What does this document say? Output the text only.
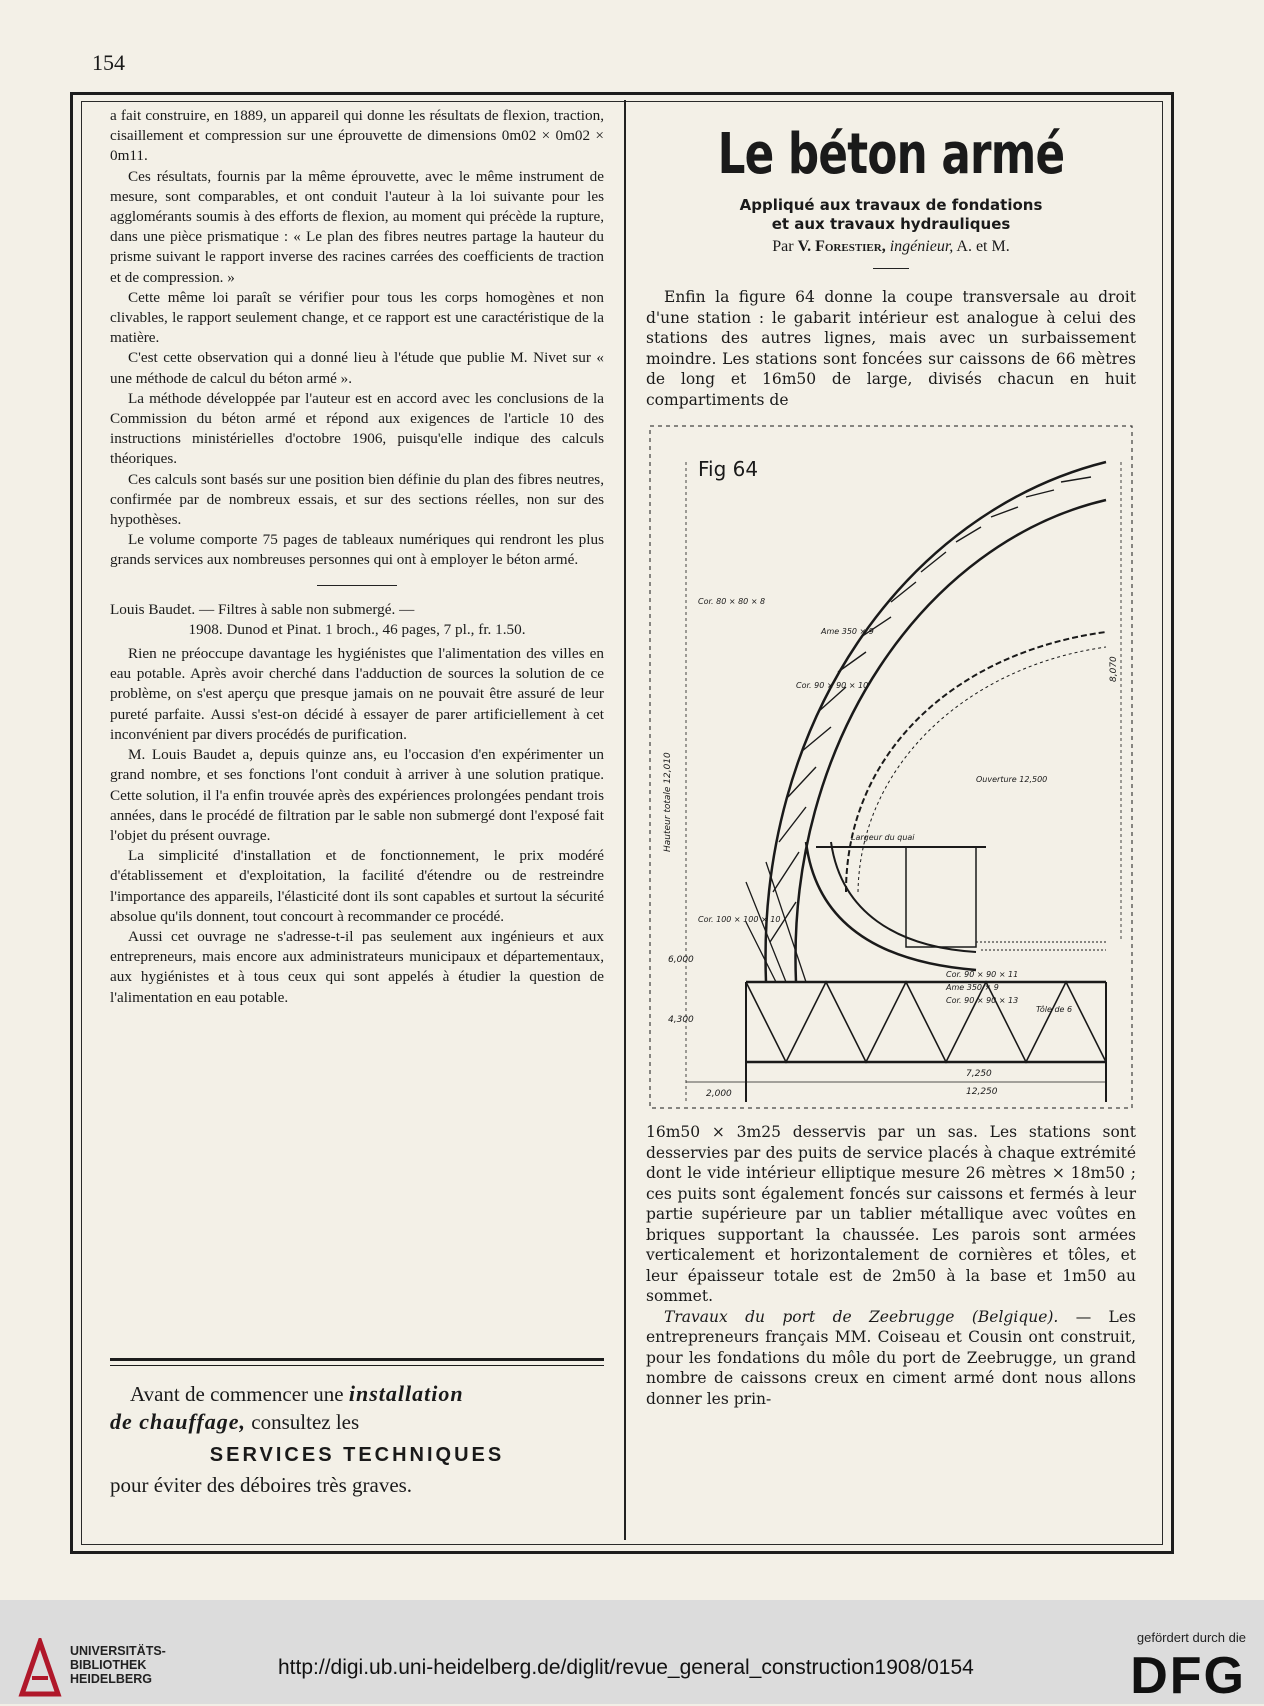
154

a fait construire, en 1889, un appareil qui donne les résultats de flexion, traction, cisaillement et compression sur une éprouvette de dimensions 0m02 × 0m02 × 0m11.

Ces résultats, fournis par la même éprouvette, avec le même instrument de mesure, sont comparables, et ont conduit l'auteur à la loi suivante pour les agglomérants soumis à des efforts de flexion, au moment qui précède la rupture, dans une pièce prismatique : « Le plan des fibres neutres partage la hauteur du prisme suivant le rapport inverse des racines carrées des coefficients de traction et de compression. »

Cette même loi paraît se vérifier pour tous les corps homogènes et non clivables, le rapport seulement change, et ce rapport est une caractéristique de la matière.

C'est cette observation qui a donné lieu à l'étude que publie M. Nivet sur « une méthode de calcul du béton armé ».

La méthode développée par l'auteur est en accord avec les conclusions de la Commission du béton armé et répond aux exigences de l'article 10 des instructions ministérielles d'octobre 1906, puisqu'elle indique des calculs théoriques.

Ces calculs sont basés sur une position bien définie du plan des fibres neutres, confirmée par de nombreux essais, et sur des sections réelles, non sur des hypothèses.

Le volume comporte 75 pages de tableaux numériques qui rendront les plus grands services aux nombreuses personnes qui ont à employer le béton armé.

Louis Baudet. — Filtres à sable non submergé. —

1908. Dunod et Pinat. 1 broch., 46 pages, 7 pl., fr. 1.50.

Rien ne préoccupe davantage les hygiénistes que l'alimentation des villes en eau potable. Après avoir cherché dans l'adduction de sources la solution de ce problème, on s'est aperçu que presque jamais on ne pouvait être assuré de leur pureté parfaite. Aussi s'est-on décidé à essayer de parer artificiellement à cet inconvénient par divers procédés de purification.

M. Louis Baudet a, depuis quinze ans, eu l'occasion d'en expérimenter un grand nombre, et ses fonctions l'ont conduit à arriver à une solution pratique. Cette solution, il l'a enfin trouvée après des expériences prolongées pendant trois années, dans le procédé de filtration par le sable non submergé dont l'exposé fait l'objet du présent ouvrage.

La simplicité d'installation et de fonctionnement, le prix modéré d'établissement et d'exploitation, la facilité d'étendre ou de restreindre l'importance des appareils, l'élasticité dont ils sont capables et surtout la sécurité absolue qu'ils donnent, tout concourt à recommander ce procédé.

Aussi cet ouvrage ne s'adresse-t-il pas seulement aux ingénieurs et aux entrepreneurs, mais encore aux administrateurs municipaux et départementaux, aux hygiénistes et à tous ceux qui sont appelés à étudier la question de l'alimentation en eau potable.

Avant de commencer une installation
de chauffage, consultez les
SERVICES TECHNIQUES
pour éviter des déboires très graves.
Le béton armé
Appliqué aux travaux de fondations
et aux travaux hydrauliques
Par V. Forestier, ingénieur, A. et M.

Enfin la figure 64 donne la coupe transversale au droit d'une station : le gabarit intérieur est analogue à celui des stations des autres lignes, mais avec un surbaissement moindre. Les stations sont foncées sur caissons de 66 mètres de long et 16m50 de large, divisés chacun en huit compartiments de

Fig 64
Cor. 80 × 80 × 8
Cor. 90 × 90 × 10
Ame 350 × 9
Ouverture 12,500
Largeur du quai
Cor. 100 × 100 × 10
Tôle de 6
Cor. 90 × 90 × 11
Ame 350 × 9
Cor. 90 × 90 × 13
2,000
7,250
12,250
6,000
4,300
Hauteur totale 12,010
8,070

16m50 × 3m25 desservis par un sas. Les stations sont desservies par des puits de service placés à chaque extrémité dont le vide intérieur elliptique mesure 26 mètres × 18m50 ; ces puits sont également foncés sur caissons et fermés à leur partie supérieure par un tablier métallique avec voûtes en briques supportant la chaussée. Les parois sont armées verticalement et horizontalement de cornières et tôles, et leur épaisseur totale est de 2m50 à la base et 1m50 au sommet.

Travaux du port de Zeebrugge (Belgique). — Les entrepreneurs français MM. Coiseau et Cousin ont construit, pour les fondations du môle du port de Zeebrugge, un grand nombre de caissons creux en ciment armé dont nous allons donner les prin-

UNIVERSITÄTS-
BIBLIOTHEK
HEIDELBERG	http://digi.ub.uni-heidelberg.de/diglit/revue_general_construction1908/0154
gefördert durch die
DFG
